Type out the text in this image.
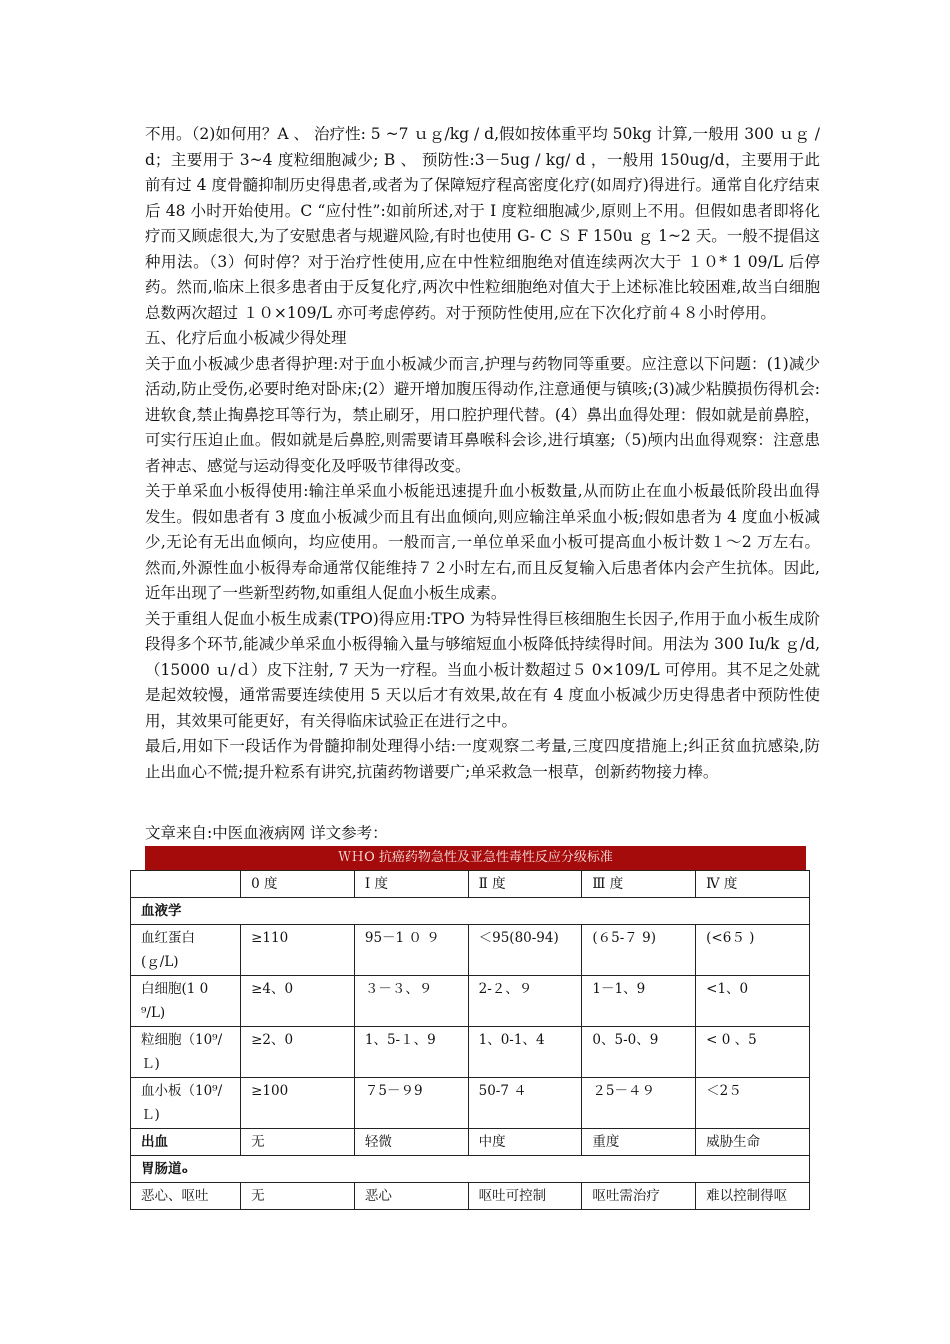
不用。（2)如何用？A 、 治疗性: 5 ~7 ｕｇ/kg / d,假如按体重平均 50kg 计算,一般用 300 ｕｇ / d；主要用于 3~4 度粒细胞减少; B 、 预防性:3－5ug / kg/ d ，一般用 150ug/d，主要用于此前有过 4 度骨髓抑制历史得患者,或者为了保障短疗程高密度化疗(如周疗)得进行。通常自化疗结束后 48 小时开始使用。C “应付性”:如前所述,对于 I 度粒细胞减少,原则上不用。但假如患者即将化疗而又顾虑很大,为了安慰患者与规避风险,有时也使用 G- C Ｓ F 150u ｇ 1~2 天。一般不提倡这种用法。（3）何时停？对于治疗性使用,应在中性粒细胞绝对值连续两次大于 １０* 1 09/L 后停药。然而,临床上很多患者由于反复化疗,两次中性粒细胞绝对值大于上述标准比较困难,故当白细胞总数两次超过 １０×109/L 亦可考虑停药。对于预防性使用,应在下次化疗前４８小时停用。

五、化疗后血小板减少得处理

关于血小板减少患者得护理:对于血小板减少而言,护理与药物同等重要。应注意以下问题：(1)减少活动,防止受伤,必要时绝对卧床;(2）避开增加腹压得动作,注意通便与镇咳;(3)减少粘膜损伤得机会:进软食,禁止掏鼻挖耳等行为，禁止刷牙，用口腔护理代替。(4）鼻出血得处理：假如就是前鼻腔，可实行压迫止血。假如就是后鼻腔,则需要请耳鼻喉科会诊,进行填塞;（5)颅内出血得观察：注意患者神志、感觉与运动得变化及呼吸节律得改变。

关于单采血小板得使用:输注单采血小板能迅速提升血小板数量,从而防止在血小板最低阶段出血得发生。假如患者有 3 度血小板减少而且有出血倾向,则应输注单采血小板;假如患者为 4 度血小板减少,无论有无出血倾向，均应使用。一般而言,一单位单采血小板可提高血小板计数１～2 万左右。然而,外源性血小板得寿命通常仅能维持７２小时左右,而且反复输入后患者体内会产生抗体。因此,近年出现了一些新型药物,如重组人促血小板生成素。

关于重组人促血小板生成素(TPO)得应用:TPO 为特异性得巨核细胞生长因子,作用于血小板生成阶段得多个环节,能减少单采血小板得输入量与够缩短血小板降低持续得时间。用法为 300 Iu/k ｇ/d,（15000 ｕ/ｄ）皮下注射, 7 天为一疗程。当血小板计数超过５ 0×109/L 可停用。其不足之处就是起效较慢，通常需要连续使用 5 天以后才有效果,故在有 4 度血小板减少历史得患者中预防性使用，其效果可能更好，有关得临床试验正在进行之中。

最后,用如下一段话作为骨髓抑制处理得小结:一度观察二考量,三度四度措施上;纠正贫血抗感染,防止出血心不慌;提升粒系有讲究,抗菌药物谱要广;单采救急一根草，创新药物接力棒。

文章来自:中医血液病网 详文参考：
ＷＨO 抗癌药物急性及亚急性毒性反应分级标准
	0 度	Ⅰ 度	Ⅱ 度	Ⅲ 度	Ⅳ 度
血液学					
血红蛋白(ｇ/L)	≥110	95－1 ０ ９	＜95(80-94)	(６5-７ 9)	(<6５ )
白细胞(1 0 ⁹/L)	≥4、0	３－３、９	2-２、９	1－1、9	<1、0
粒细胞（10⁹/Ｌ)	≥2、0	1、5-１、9	1、0-1、4	0、5-0、9	< 0 、5
血小板（10⁹/Ｌ)	≥100	７5－９9	50-7 ４	２5－４９	＜2５
出血	无	轻微	中度	重度	威胁生命
胃肠道ₒ					
恶心、呕吐	无	恶心	呕吐可控制	呕吐需治疗	难以控制得呕
